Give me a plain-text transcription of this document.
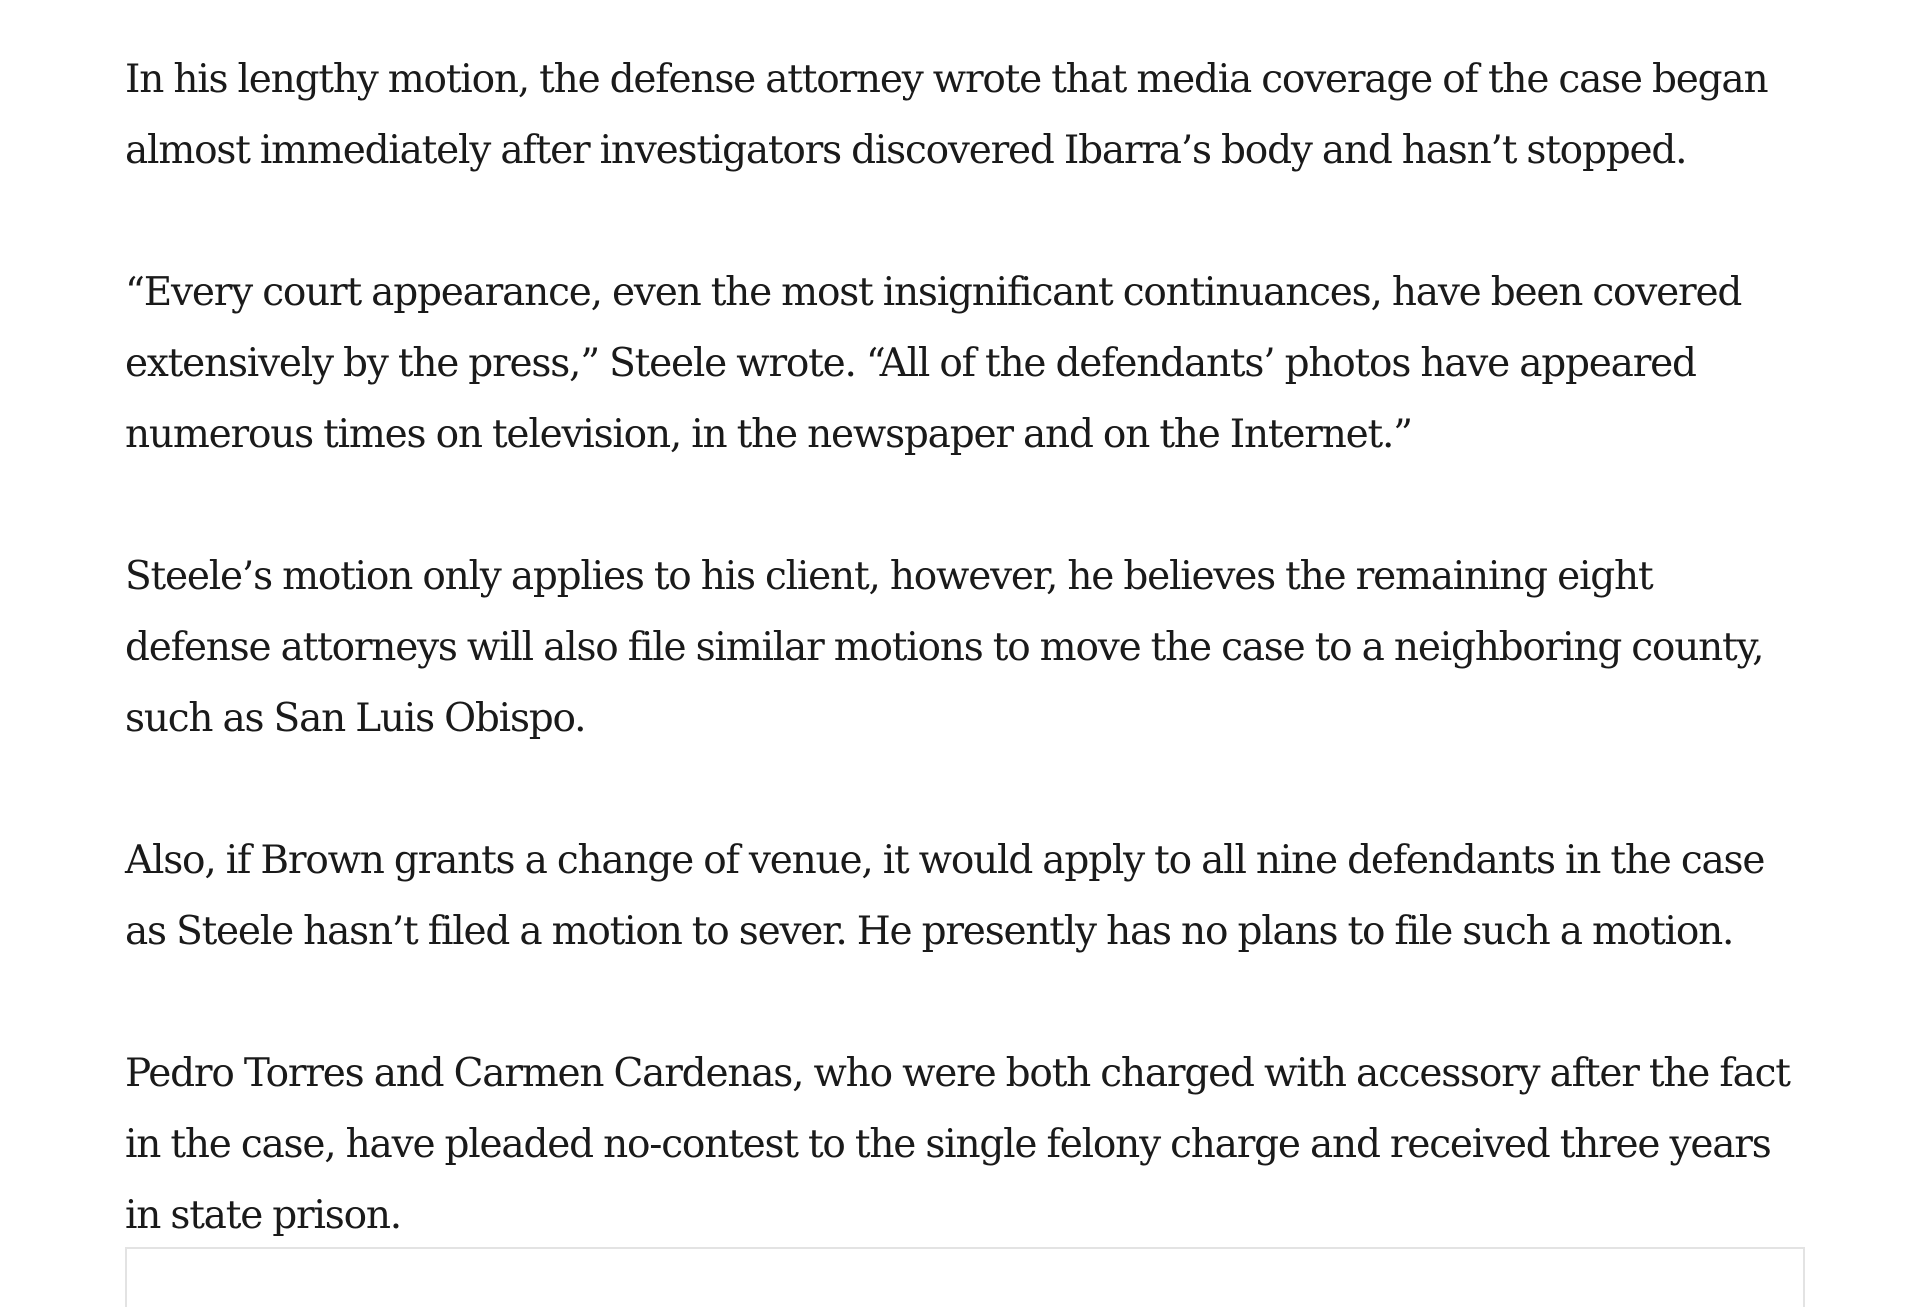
In his lengthy motion, the defense attorney wrote that media coverage of the case began almost immediately after investigators discovered Ibarra’s body and hasn’t stopped.

“Every court appearance, even the most insignificant continuances, have been covered extensively by the press,” Steele wrote. “All of the defendants’ photos have appeared numerous times on television, in the newspaper and on the Internet.”

Steele’s motion only applies to his client, however, he believes the remaining eight defense attorneys will also file similar motions to move the case to a neighboring county, such as San Luis Obispo.

Also, if Brown grants a change of venue, it would apply to all nine defendants in the case as Steele hasn’t filed a motion to sever. He presently has no plans to file such a motion.

Pedro Torres and Carmen Cardenas, who were both charged with accessory after the fact in the case, have pleaded no-contest to the single felony charge and received three years in state prison.
